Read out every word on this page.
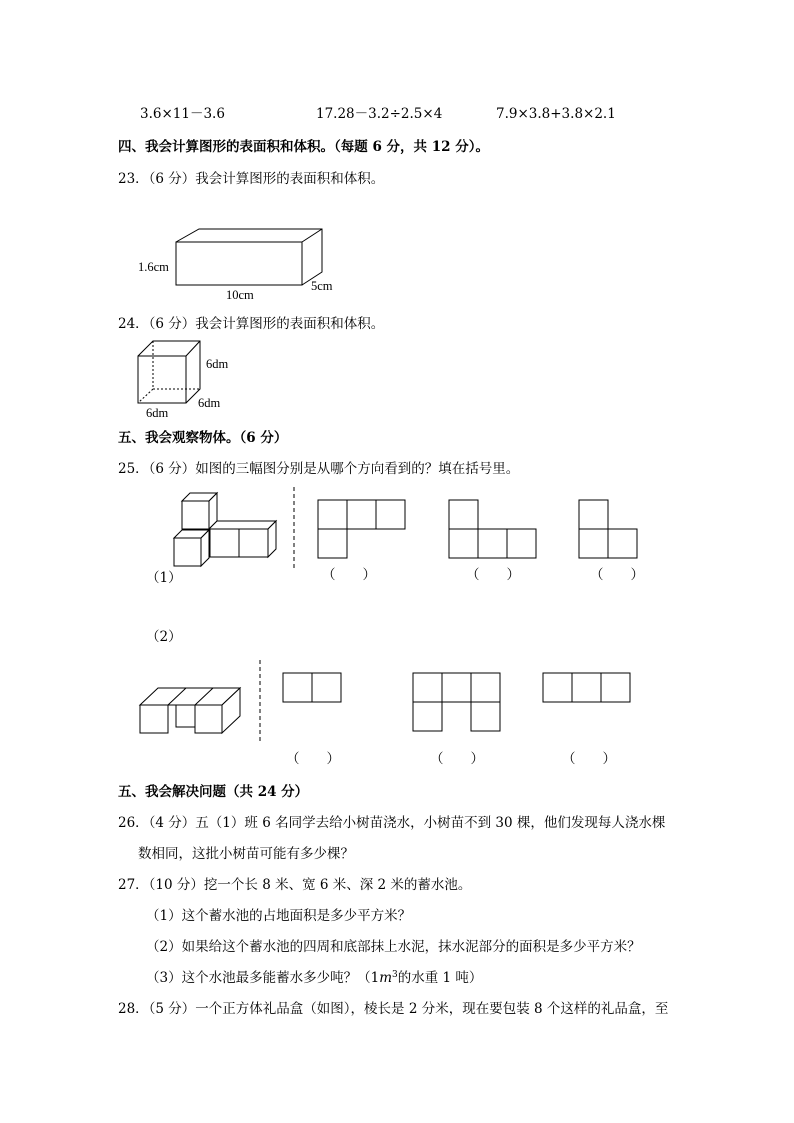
3.6×11－3.6	17.28－3.2÷2.5×4	7.9×3.8+3.8×2.1
四、我会计算图形的表面积和体积。（每题 6 分，共 12 分）。
23．（6 分）我会计算图形的表面积和体积。
1.6cm
10cm
5cm
24．（6 分）我会计算图形的表面积和体积。
6dm
6dm
6dm
五、我会观察物体。（6 分）
25．（6 分）如图的三幅图分别是从哪个方向看到的？填在括号里。
（1）	（　　）	（　　）	（　　）
（2）
（　　）	（　　）	（　　）
五、我会解决问题（共 24 分）
26．（4 分）五（1）班 6 名同学去给小树苗浇水，小树苗不到 30 棵，他们发现每人浇水棵
数相同，这批小树苗可能有多少棵？
27．（10 分）挖一个长 8 米、宽 6 米、深 2 米的蓄水池。
（1）这个蓄水池的占地面积是多少平方米？
（2）如果给这个蓄水池的四周和底部抹上水泥，抹水泥部分的面积是多少平方米？
（3）这个水池最多能蓄水多少吨？（$1m^3$的水重 1 吨）
28．（5 分）一个正方体礼品盒（如图），棱长是 2 分米，现在要包装 8 个这样的礼品盒，至
